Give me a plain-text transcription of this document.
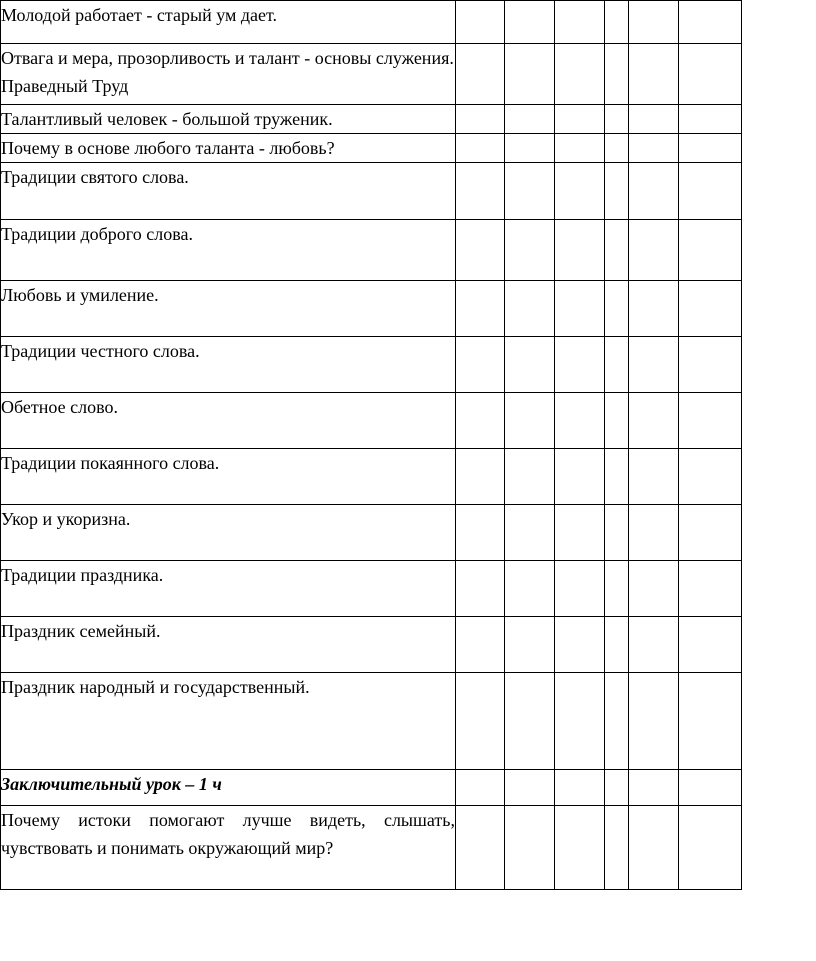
Молодой работает - старый ум дает.						
Отвага и мера, прозорливость и талант - основы служения. Праведный Труд						
Талантливый человек - большой труженик.						
Почему в основе любого таланта - любовь?						
Традиции святого слова.						
Традиции доброго слова.						
Любовь и умиление.						
Традиции честного слова.						
Обетное слово.						
Традиции покаянного слова.						
Укор и укоризна.						
Традиции праздника.						
Праздник семейный.						
Праздник народный и государственный.						
Заключительный урок – 1 ч						
Почему истоки помогают лучше видеть, слышать, чувствовать и понимать окружающий мир?						
